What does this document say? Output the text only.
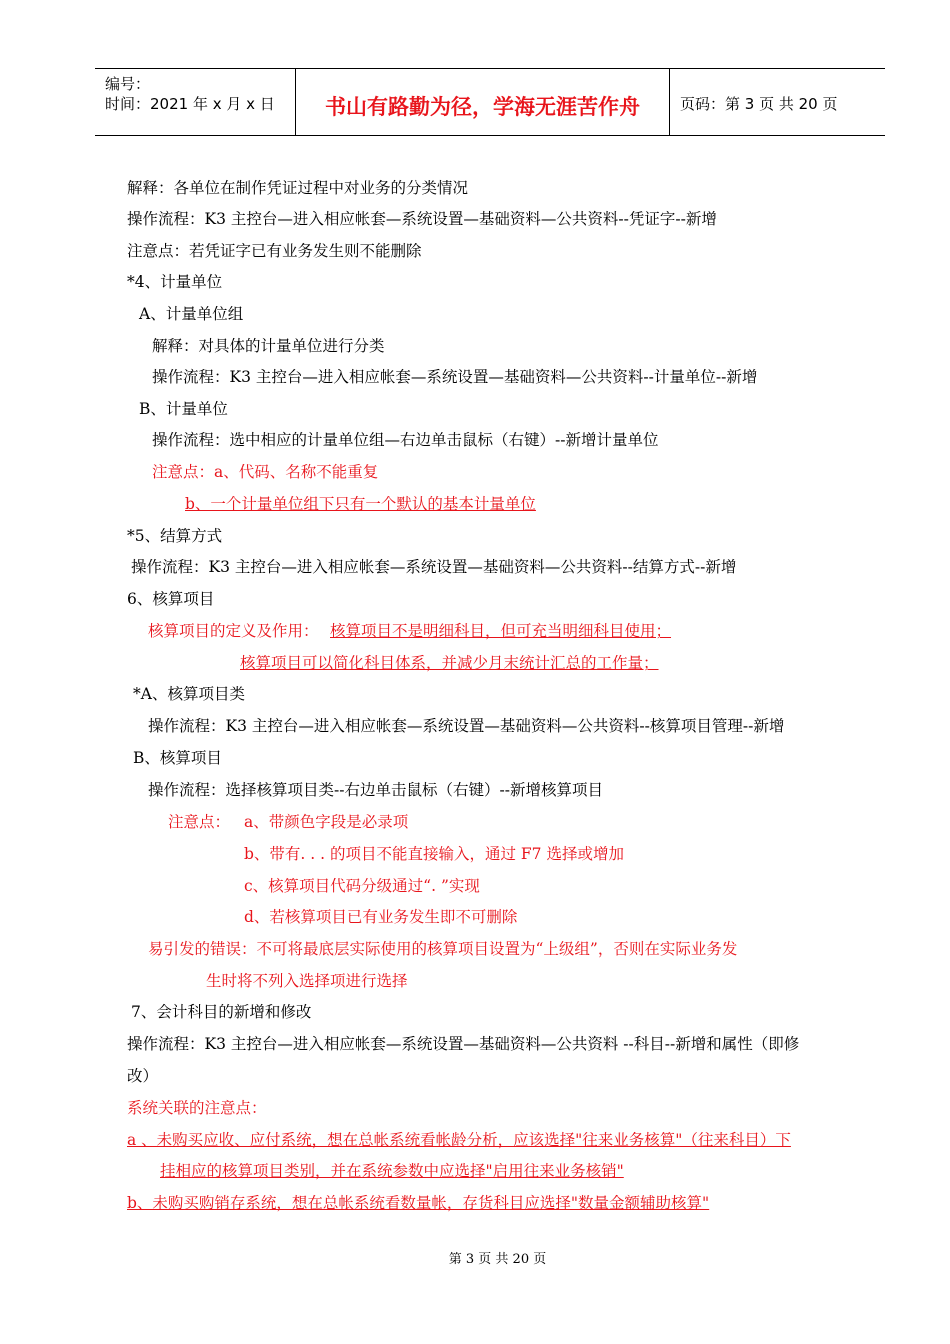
编号：
时间：2021 年 x 月 x 日	书山有路勤为径，学海无涯苦作舟	页码：第 3 页 共 20 页
解释：各单位在制作凭证过程中对业务的分类情况
操作流程：K3 主控台—进入相应帐套—系统设置—基础资料—公共资料--凭证字--新增
注意点：若凭证字已有业务发生则不能删除
*4、计量单位
A、计量单位组
解释：对具体的计量单位进行分类
操作流程：K3 主控台—进入相应帐套—系统设置—基础资料—公共资料--计量单位--新增
B、计量单位
操作流程：选中相应的计量单位组—右边单击鼠标（右键）--新增计量单位
注意点：a、代码、名称不能重复
b、一个计量单位组下只有一个默认的基本计量单位
*5、结算方式
操作流程：K3 主控台—进入相应帐套—系统设置—基础资料—公共资料--结算方式--新增
6、核算项目
核算项目的定义及作用： 核算项目不是明细科目，但可充当明细科目使用；
核算项目可以简化科目体系，并减少月末统计汇总的工作量；
*A、核算项目类
操作流程：K3 主控台—进入相应帐套—系统设置—基础资料—公共资料--核算项目管理--新增
B、核算项目
操作流程：选择核算项目类--右边单击鼠标（右键）--新增核算项目
注意点： a、带颜色字段是必录项
b、带有. . . 的项目不能直接输入，通过 F7 选择或增加
c、核算项目代码分级通过“. ”实现
d、若核算项目已有业务发生即不可删除
易引发的错误：不可将最底层实际使用的核算项目设置为“上级组”，否则在实际业务发
生时将不列入选择项进行选择
7、会计科目的新增和修改
操作流程：K3 主控台—进入相应帐套—系统设置—基础资料—公共资料 --科目--新增和属性（即修
改）
系统关联的注意点：
a 、未购买应收、应付系统，想在总帐系统看帐龄分析，应该选择"往来业务核算"（往来科目）下
挂相应的核算项目类别，并在系统参数中应选择"启用往来业务核销"
b、未购买购销存系统，想在总帐系统看数量帐，存货科目应选择"数量金额辅助核算"
第 3 页 共 20 页
